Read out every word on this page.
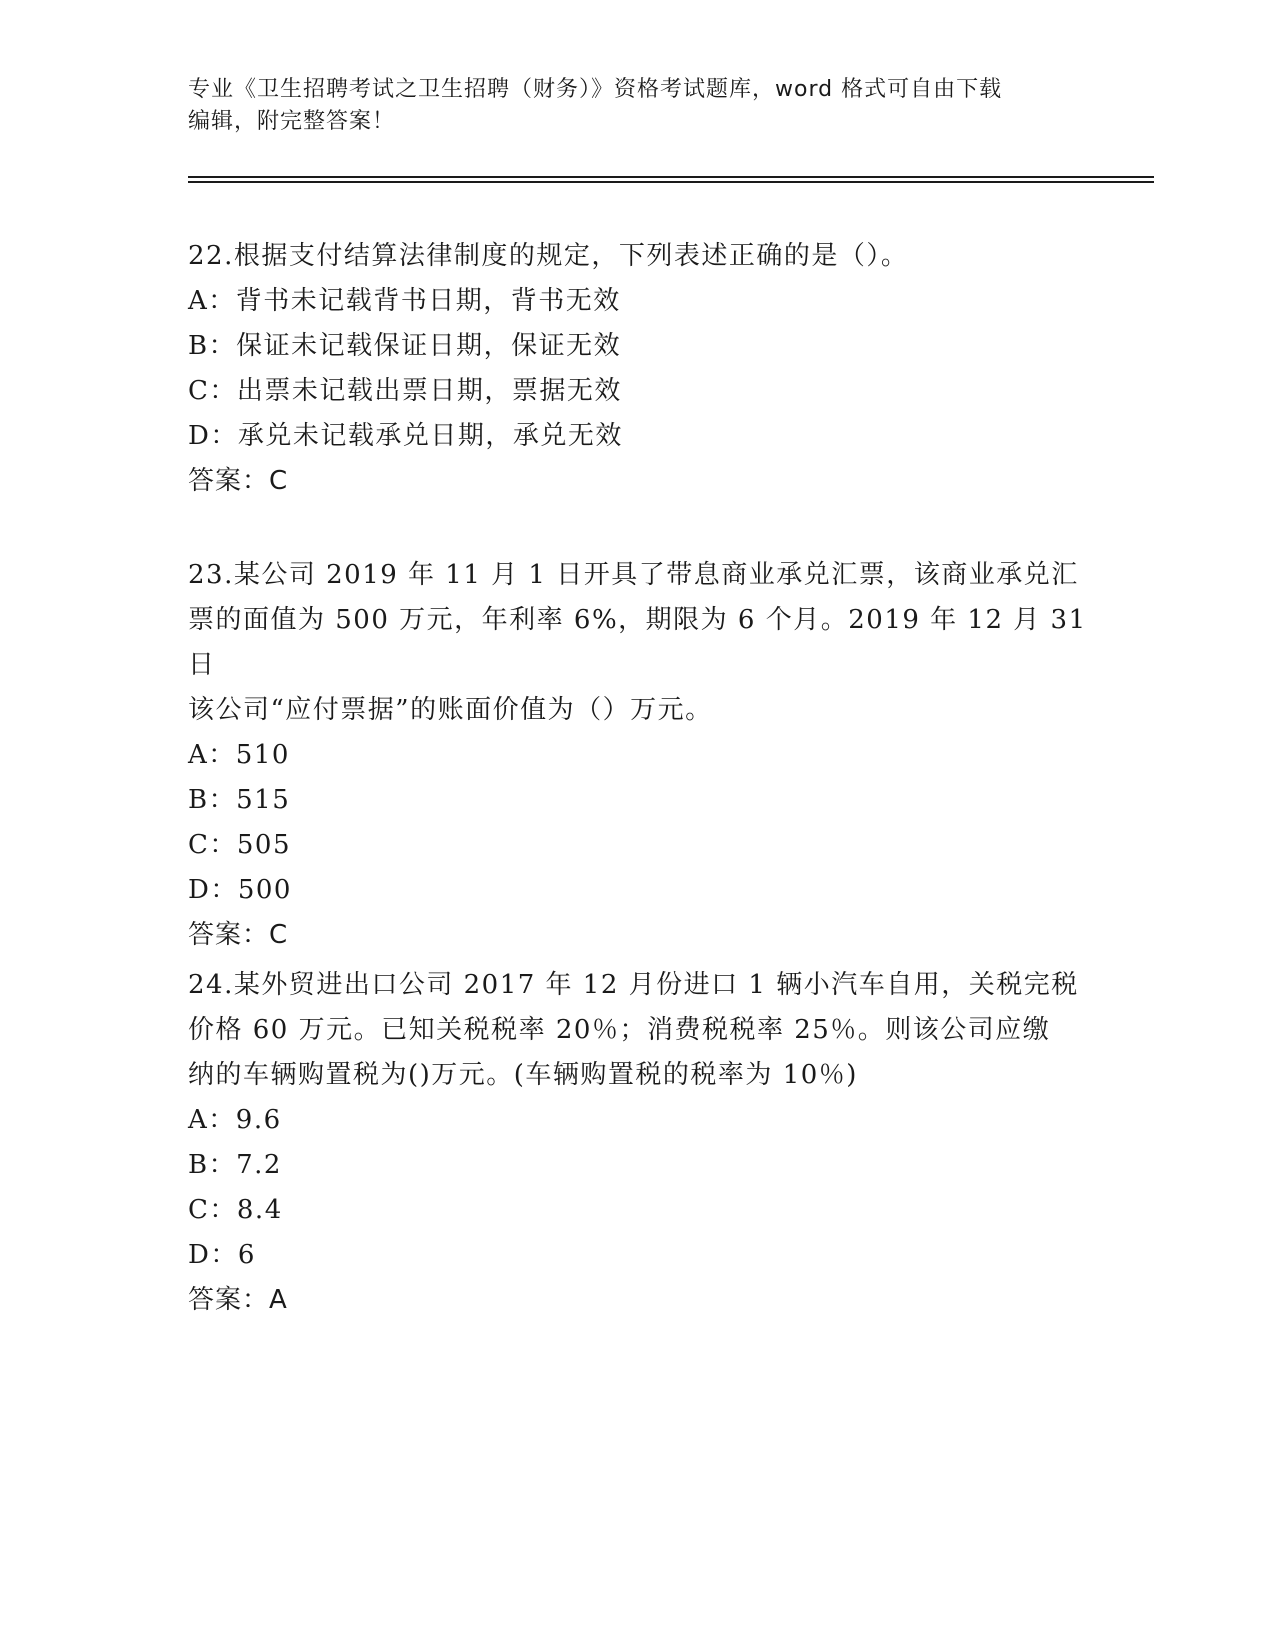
专业《卫生招聘考试之卫生招聘（财务）》资格考试题库，word 格式可自由下载
编辑，附完整答案！
22.根据支付结算法律制度的规定，下列表述正确的是（）。
A：背书未记载背书日期，背书无效
B：保证未记载保证日期，保证无效
C：出票未记载出票日期，票据无效
D：承兑未记载承兑日期，承兑无效
答案：C
23.某公司 2019 年 11 月 1 日开具了带息商业承兑汇票，该商业承兑汇
票的面值为 500 万元，年利率 6%，期限为 6 个月。2019 年 12 月 31 日
该公司“应付票据”的账面价值为（）万元。
A：510
B：515
C：505
D：500
答案：C
24.某外贸进出口公司 2017 年 12 月份进口 1 辆小汽车自用，关税完税
价格 60 万元。已知关税税率 20％；消费税税率 25％。则该公司应缴
纳的车辆购置税为()万元。(车辆购置税的税率为 10％)
A：9.6
B：7.2
C：8.4
D：6
答案：A
